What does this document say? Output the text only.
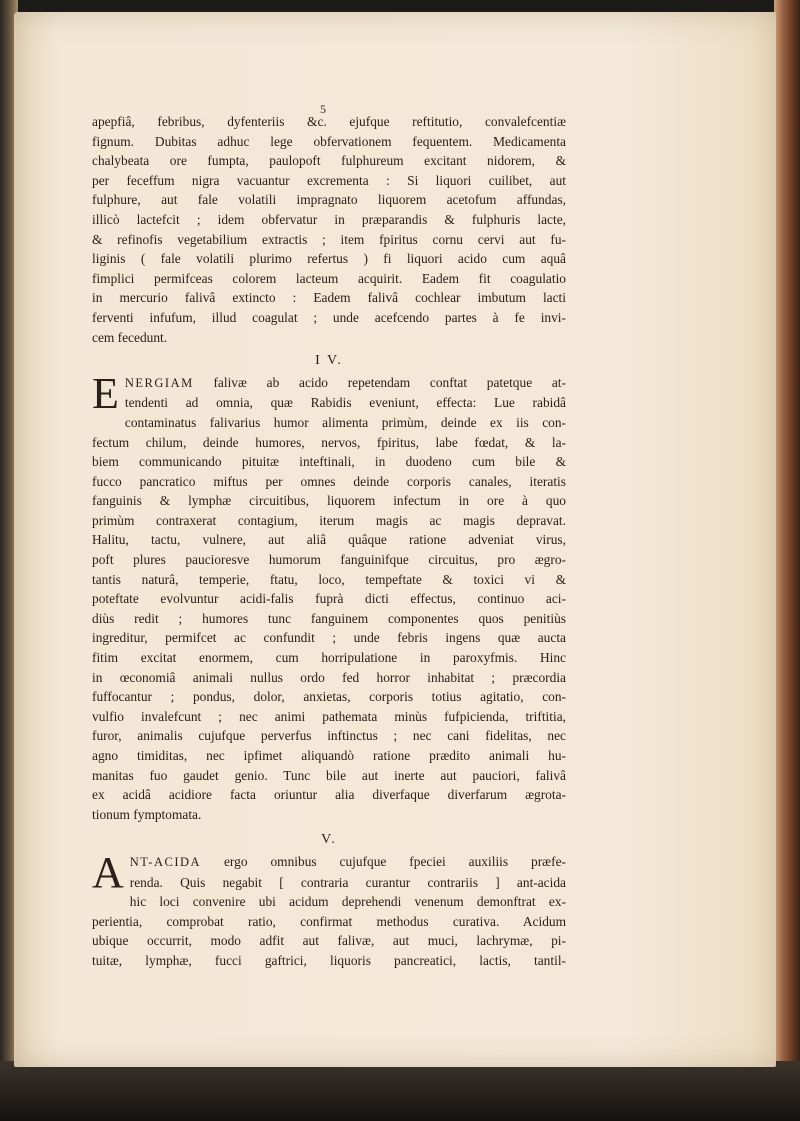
5
apepfiâ, febribus, dyfenteriis &c. ejufque reftitutio, convalefcentiæ
fignum. Dubitas adhuc lege obfervationem fequentem. Medicamenta
chalybeata ore fumpta, paulopoft fulphureum excitant nidorem, &
per feceffum nigra vacuantur excrementa : Si liquori cuilibet, aut
fulphure, aut fale volatili impragnato liquorem acetofum affundas,
illicò lactefcit ; idem obfervatur in præparandis & fulphuris lacte,
& refinofis vegetabilium extractis ; item fpiritus cornu cervi aut fu-
liginis ( fale volatili plurimo refertus ) fi liquori acido cum aquâ
fimplici permifceas colorem lacteum acquirit. Eadem fit coagulatio
in mercurio falivâ extincto : Eadem falivâ cochlear imbutum lacti
ferventi infufum, illud coagulat ; unde acefcendo partes à fe invi-
cem fecedunt.
I V.
E NERGIAM falivæ ab acido repetendam conftat patetque at-
tendenti ad omnia, quæ Rabidis eveniunt, effecta: Lue rabidâ
contaminatus falivarius humor alimenta primùm, deinde ex iis con-
fectum chilum, deinde humores, nervos, fpiritus, labe fœdat, & la-
biem communicando pituitæ inteftinali, in duodeno cum bile &
fucco pancratico miftus per omnes deinde corporis canales, iteratis
fanguinis & lymphæ circuitibus, liquorem infectum in ore à quo
primùm contraxerat contagium, iterum magis ac magis depravat.
Halitu, tactu, vulnere, aut aliâ quâque ratione adveniat virus,
poft plures paucioresve humorum fanguinifque circuitus, pro ægro-
tantis naturâ, temperie, ftatu, loco, tempeftate & toxici vi &
poteftate evolvuntur acidi-falis fuprà dicti effectus, continuo aci-
diùs redit ; humores tunc fanguinem componentes quos penitiùs
ingreditur, permifcet ac confundit ; unde febris ingens quæ aucta
fitim excitat enormem, cum horripulatione in paroxyfmis. Hinc
in œconomiâ animali nullus ordo fed horror inhabitat ; præcordia
fuffocantur ; pondus, dolor, anxietas, corporis totius agitatio, con-
vulfio invalefcunt ; nec animi pathemata minùs fufpicienda, triftitia,
furor, animalis cujufque perverfus inftinctus ; nec cani fidelitas, nec
agno timiditas, nec ipfimet aliquandò ratione prædito animali hu-
manitas fuo gaudet genio. Tunc bile aut inerte aut pauciori, falivâ
ex acidâ acidiore facta oriuntur alia diverfaque diverfarum ægrota-
tionum fymptomata.
V.
A NT-ACIDA ergo omnibus cujufque fpeciei auxiliis præfe-
renda. Quis negabit [ contraria curantur contrariis ] ant-acida
hic loci convenire ubi acidum deprehendi venenum demonftrat ex-
perientia, comprobat ratio, confirmat methodus curativa. Acidum
ubique occurrit, modo adfit aut falivæ, aut muci, lachrymæ, pi-
tuitæ, lymphæ, fucci gaftrici, liquoris pancreatici, lactis, tantil-
